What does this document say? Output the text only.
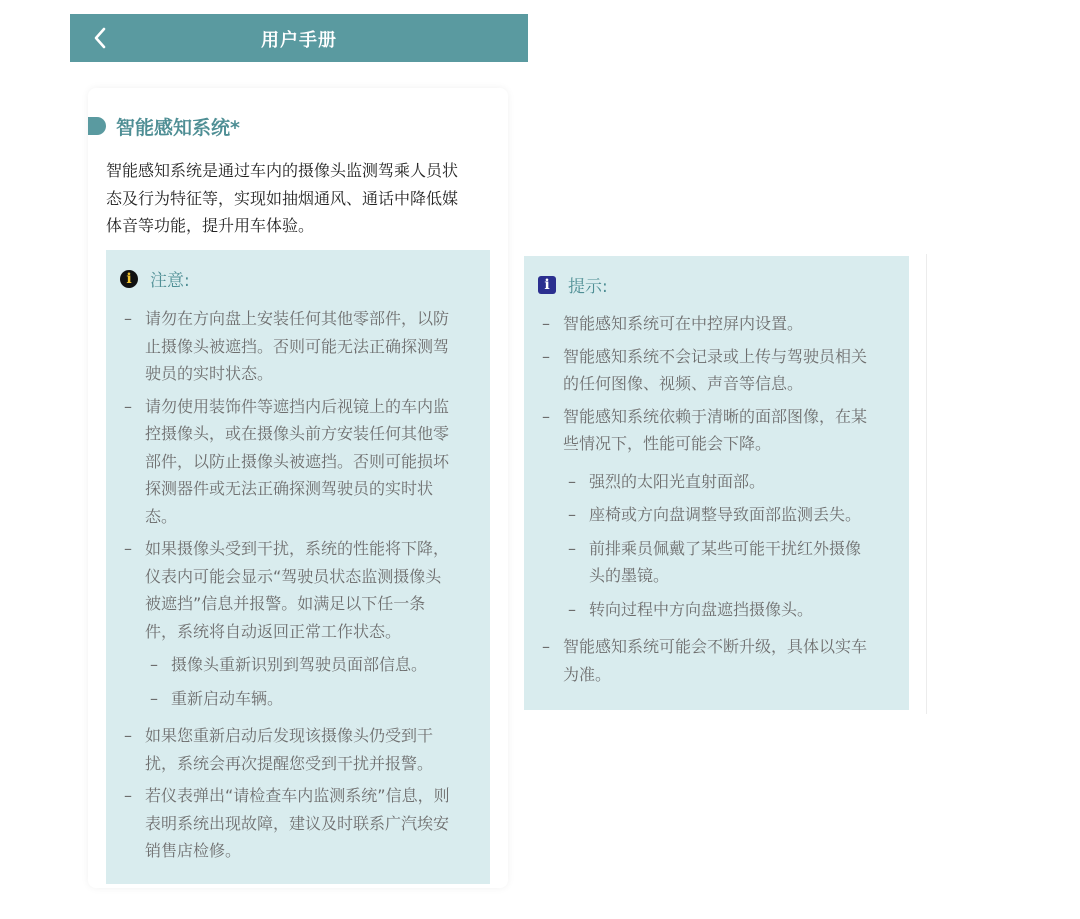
用户手册
智能感知系统*
智能感知系统是通过车内的摄像头监测驾乘人员状
态及行为特征等，实现如抽烟通风、通话中降低媒
体音等功能，提升用车体验。
i	注意:
– 请勿在方向盘上安装任何其他零部件，以防
止摄像头被遮挡。否则可能无法正确探测驾
驶员的实时状态。
– 请勿使用装饰件等遮挡内后视镜上的车内监
控摄像头，或在摄像头前方安装任何其他零
部件，以防止摄像头被遮挡。否则可能损坏
探测器件或无法正确探测驾驶员的实时状
态。
– 如果摄像头受到干扰，系统的性能将下降，
仪表内可能会显示“驾驶员状态监测摄像头
被遮挡”信息并报警。如满足以下任一条
件，系统将自动返回正常工作状态。
– 摄像头重新识别到驾驶员面部信息。
– 重新启动车辆。
– 如果您重新启动后发现该摄像头仍受到干
扰，系统会再次提醒您受到干扰并报警。
– 若仪表弹出“请检查车内监测系统”信息，则
表明系统出现故障，建议及时联系广汽埃安
销售店检修。
i	提示:
– 智能感知系统可在中控屏内设置。
– 智能感知系统不会记录或上传与驾驶员相关
的任何图像、视频、声音等信息。
– 智能感知系统依赖于清晰的面部图像，在某
些情况下，性能可能会下降。
– 强烈的太阳光直射面部。
– 座椅或方向盘调整导致面部监测丢失。
– 前排乘员佩戴了某些可能干扰红外摄像
头的墨镜。
– 转向过程中方向盘遮挡摄像头。
– 智能感知系统可能会不断升级，具体以实车
为准。
